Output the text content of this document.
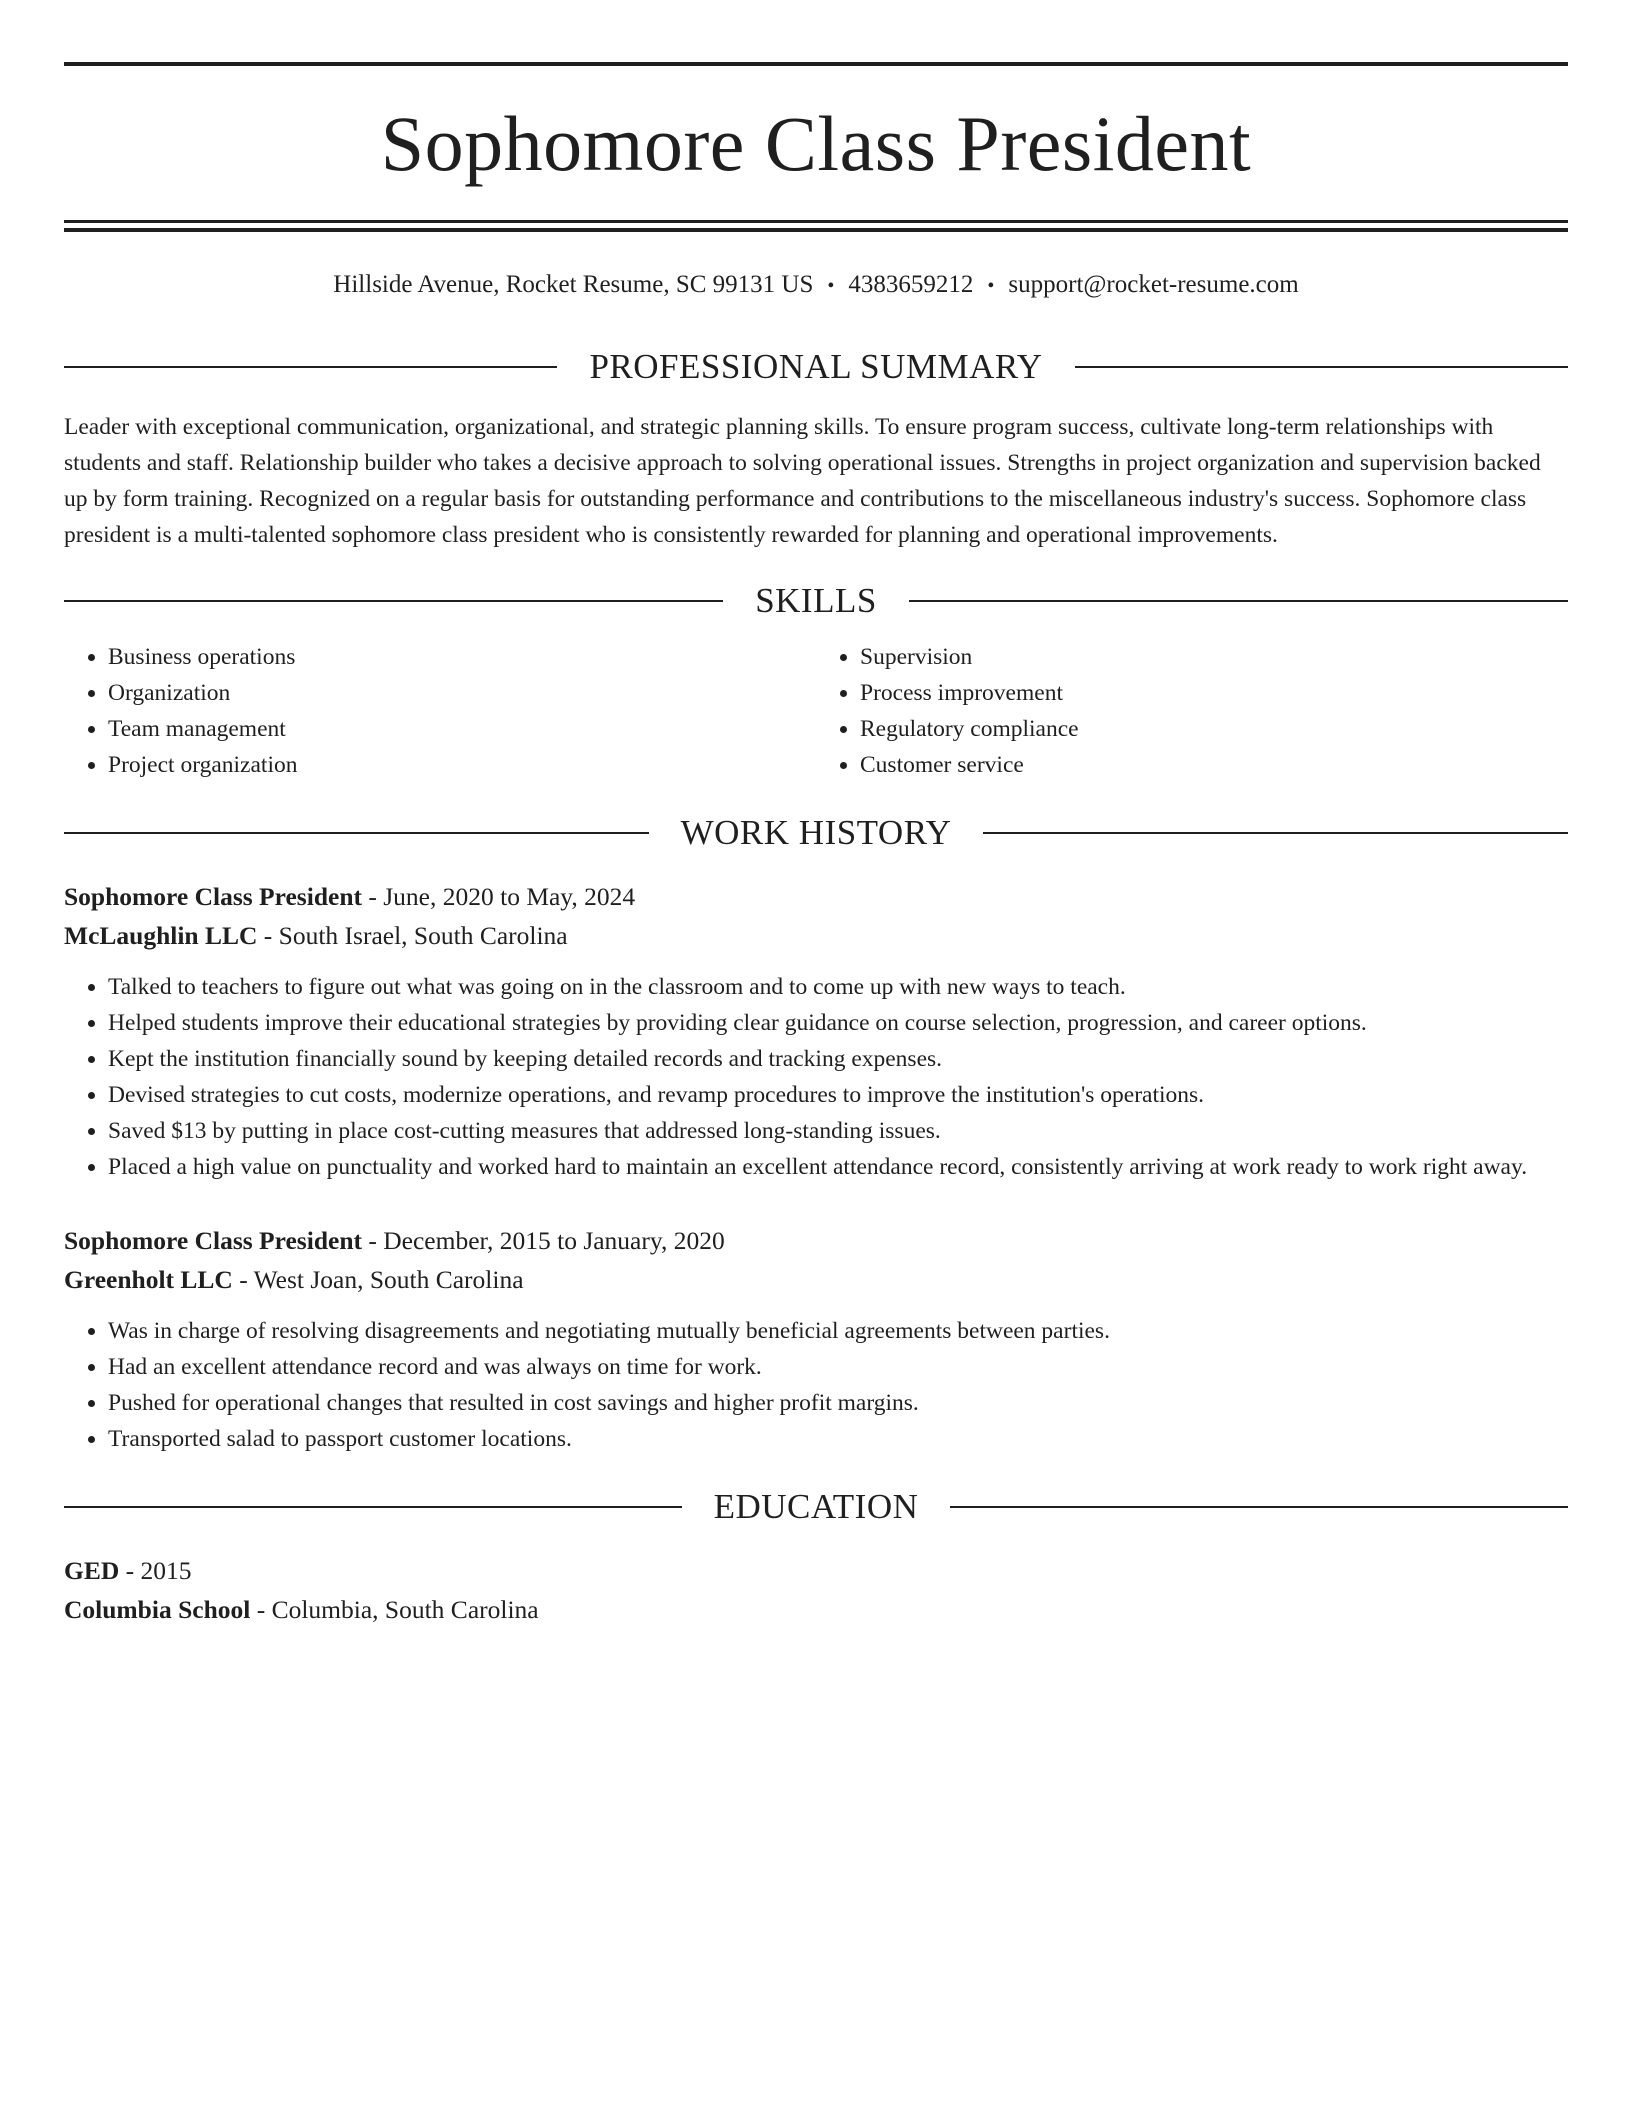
Sophomore Class President
Hillside Avenue, Rocket Resume, SC 99131 US • 4383659212 • support@rocket-resume.com
PROFESSIONAL SUMMARY
Leader with exceptional communication, organizational, and strategic planning skills. To ensure program success, cultivate long-term relationships with students and staff. Relationship builder who takes a decisive approach to solving operational issues. Strengths in project organization and supervision backed up by form training. Recognized on a regular basis for outstanding performance and contributions to the miscellaneous industry's success. Sophomore class president is a multi-talented sophomore class president who is consistently rewarded for planning and operational improvements.
SKILLS
• Business operations
• Organization
• Team management
• Project organization
• Supervision
• Process improvement
• Regulatory compliance
• Customer service
WORK HISTORY
Sophomore Class President - June, 2020 to May, 2024
McLaughlin LLC - South Israel, South Carolina
• Talked to teachers to figure out what was going on in the classroom and to come up with new ways to teach.
• Helped students improve their educational strategies by providing clear guidance on course selection, progression, and career options.
• Kept the institution financially sound by keeping detailed records and tracking expenses.
• Devised strategies to cut costs, modernize operations, and revamp procedures to improve the institution's operations.
• Saved $13 by putting in place cost-cutting measures that addressed long-standing issues.
• Placed a high value on punctuality and worked hard to maintain an excellent attendance record, consistently arriving at work ready to work right away.
Sophomore Class President - December, 2015 to January, 2020
Greenholt LLC - West Joan, South Carolina
• Was in charge of resolving disagreements and negotiating mutually beneficial agreements between parties.
• Had an excellent attendance record and was always on time for work.
• Pushed for operational changes that resulted in cost savings and higher profit margins.
• Transported salad to passport customer locations.
EDUCATION
GED - 2015
Columbia School - Columbia, South Carolina
